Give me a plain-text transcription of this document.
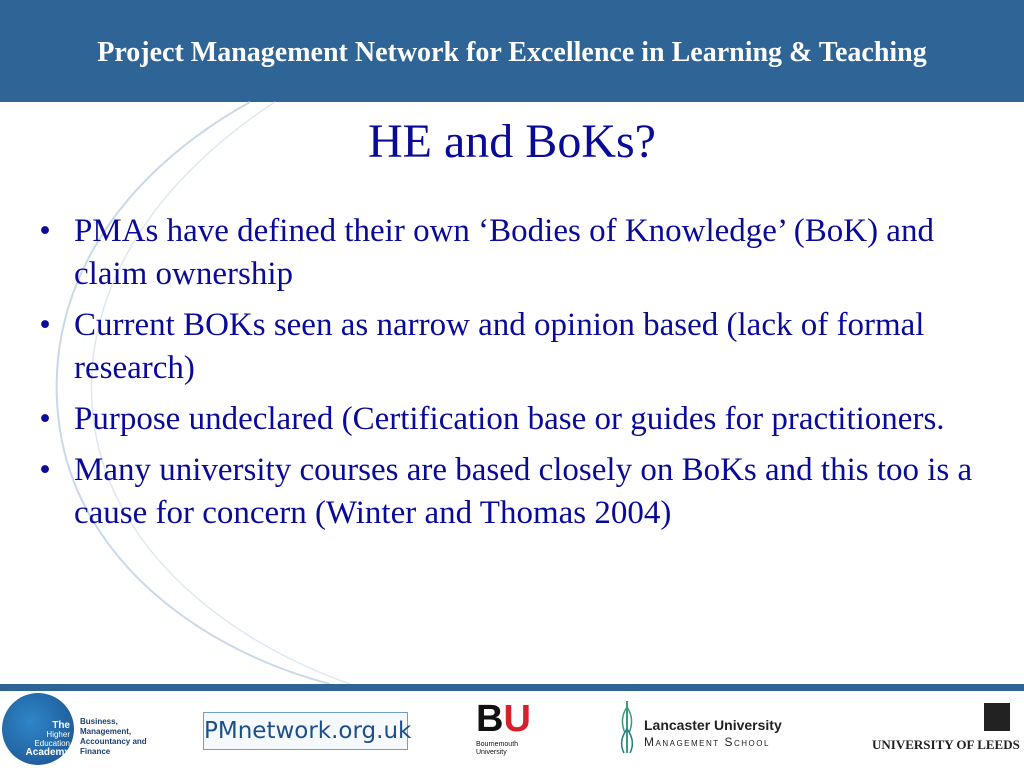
Project Management Network for Excellence in Learning & Teaching
HE and BoKs?
• PMAs have defined their own ‘Bodies of Knowledge’ (BoK) and claim ownership
• Current BOKs seen as narrow and opinion based (lack of formal research)
• Purpose undeclared (Certification base or guides for practitioners.
• Many university courses are based closely on BoKs and this too is a cause for concern (Winter and Thomas 2004)
The
Higher
Education
Academy
Business,
Management,
Accountancy and
Finance
PMnetwork.org.uk BU
Bournemouth
University
Lancaster University
Management School	UNIVERSITY OF LEEDS
